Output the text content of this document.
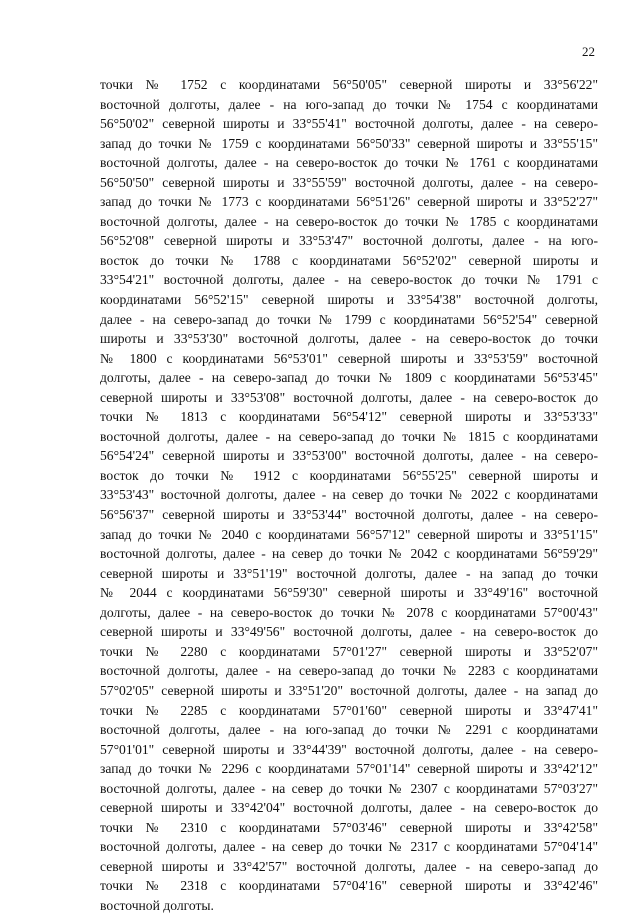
22
точки № 1752 с координатами 56°50'05" северной широты и 33°56'22"
восточной долготы, далее - на юго-запад до точки № 1754 с координатами
56°50'02" северной широты и 33°55'41" восточной долготы, далее - на северо-
запад до точки № 1759 с координатами 56°50'33" северной широты и 33°55'15"
восточной долготы, далее - на северо-восток до точки № 1761 с координатами
56°50'50" северной широты и 33°55'59" восточной долготы, далее - на северо-
запад до точки № 1773 с координатами 56°51'26" северной широты и 33°52'27"
восточной долготы, далее - на северо-восток до точки № 1785 с координатами
56°52'08" северной широты и 33°53'47" восточной долготы, далее - на юго-
восток до точки № 1788 с координатами 56°52'02" северной широты и
33°54'21" восточной долготы, далее - на северо-восток до точки № 1791 с
координатами 56°52'15" северной широты и 33°54'38" восточной долготы,
далее - на северо-запад до точки № 1799 с координатами 56°52'54" северной
широты и 33°53'30" восточной долготы, далее - на северо-восток до точки
№ 1800 с координатами 56°53'01" северной широты и 33°53'59" восточной
долготы, далее - на северо-запад до точки № 1809 с координатами 56°53'45"
северной широты и 33°53'08" восточной долготы, далее - на северо-восток до
точки № 1813 с координатами 56°54'12" северной широты и 33°53'33"
восточной долготы, далее - на северо-запад до точки № 1815 с координатами
56°54'24" северной широты и 33°53'00" восточной долготы, далее - на северо-
восток до точки № 1912 с координатами 56°55'25" северной широты и
33°53'43" восточной долготы, далее - на север до точки № 2022 с координатами
56°56'37" северной широты и 33°53'44" восточной долготы, далее - на северо-
запад до точки № 2040 с координатами 56°57'12" северной широты и 33°51'15"
восточной долготы, далее - на север до точки № 2042 с координатами 56°59'29"
северной широты и 33°51'19" восточной долготы, далее - на запад до точки
№ 2044 с координатами 56°59'30" северной широты и 33°49'16" восточной
долготы, далее - на северо-восток до точки № 2078 с координатами 57°00'43"
северной широты и 33°49'56" восточной долготы, далее - на северо-восток до
точки № 2280 с координатами 57°01'27" северной широты и 33°52'07"
восточной долготы, далее - на северо-запад до точки № 2283 с координатами
57°02'05" северной широты и 33°51'20" восточной долготы, далее - на запад до
точки № 2285 с координатами 57°01'60" северной широты и 33°47'41"
восточной долготы, далее - на юго-запад до точки № 2291 с координатами
57°01'01" северной широты и 33°44'39" восточной долготы, далее - на северо-
запад до точки № 2296 с координатами 57°01'14" северной широты и 33°42'12"
восточной долготы, далее - на север до точки № 2307 с координатами 57°03'27"
северной широты и 33°42'04" восточной долготы, далее - на северо-восток до
точки № 2310 с координатами 57°03'46" северной широты и 33°42'58"
восточной долготы, далее - на север до точки № 2317 с координатами 57°04'14"
северной широты и 33°42'57" восточной долготы, далее - на северо-запад до
точки № 2318 с координатами 57°04'16" северной широты и 33°42'46"
восточной долготы.
